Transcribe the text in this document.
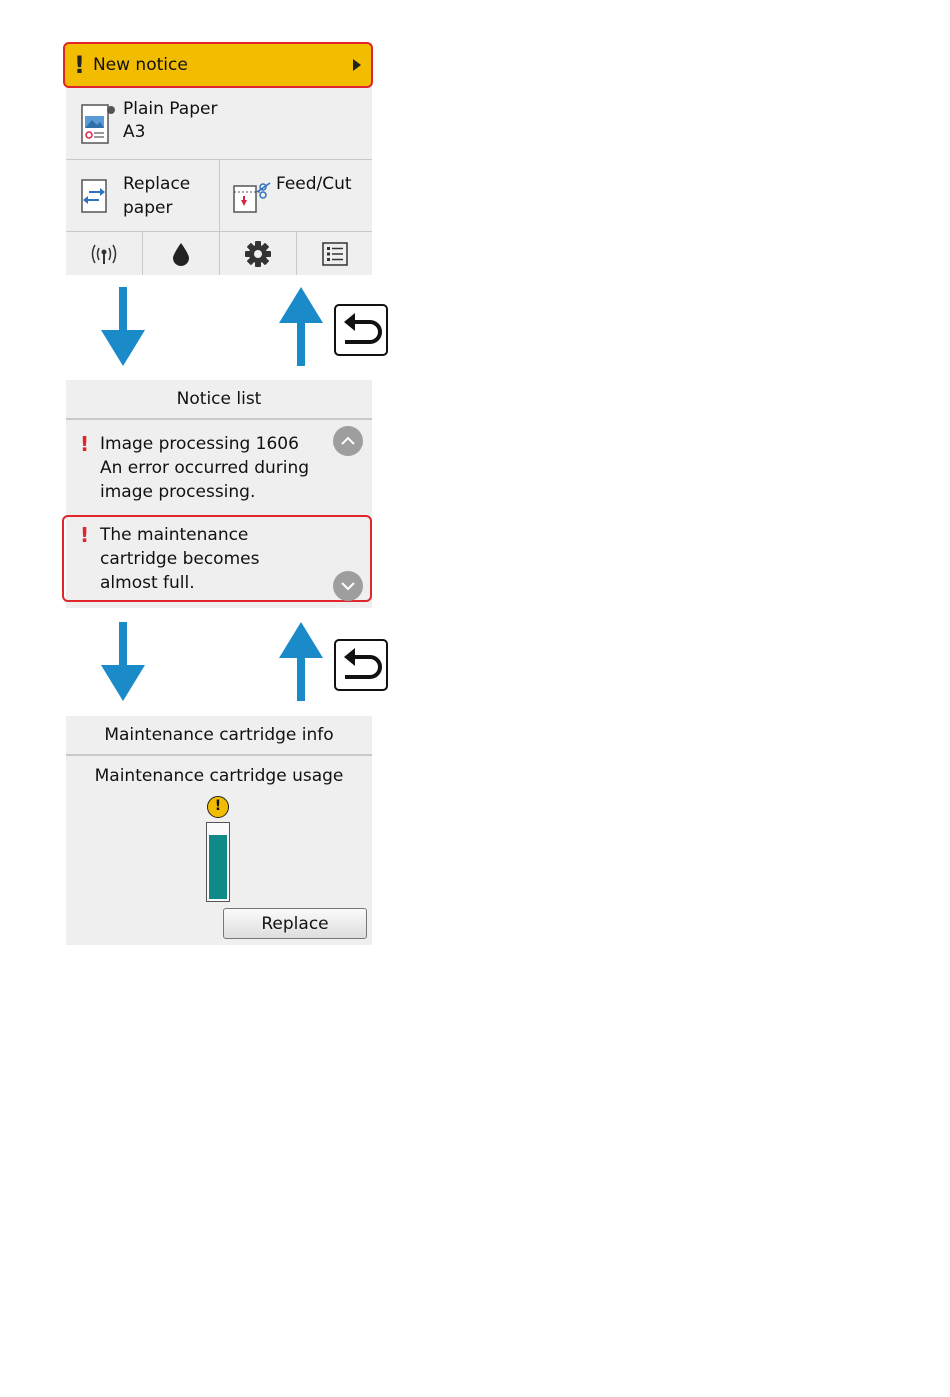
! New notice
Plain Paper
A3
Replace
paper
Feed/Cut
Notice list
! Image processing 1606
An error occurred during
image processing.
! The maintenance
cartridge becomes
almost full.
Maintenance cartridge info
Maintenance cartridge usage
!
Replace
